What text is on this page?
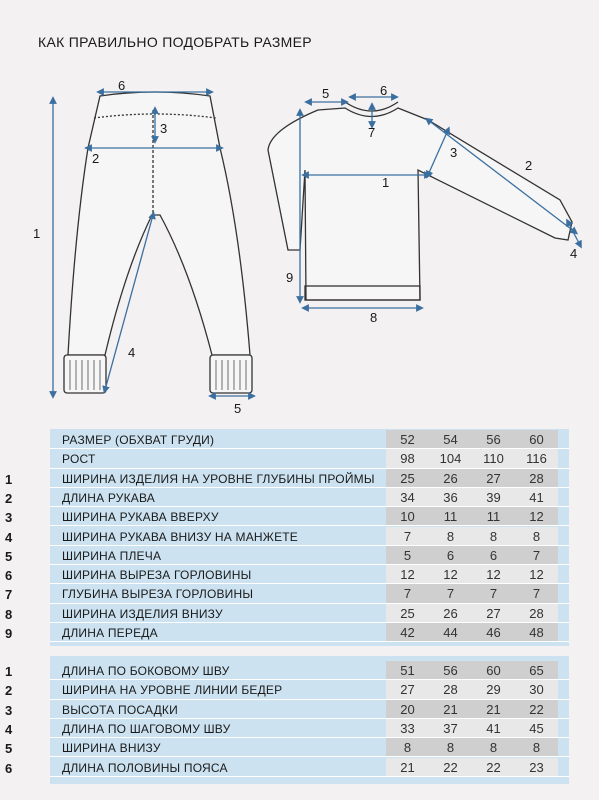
КАК ПРАВИЛЬНО ПОДОБРАТЬ РАЗМЕР
1
2
3
4
5
6
1
2
3
4
5	6
7
8
9
РАЗМЕР (ОБХВАТ ГРУДИ)	52	54	56	60
РОСТ	98	104	110	116
1	ШИРИНА ИЗДЕЛИЯ НА УРОВНЕ ГЛУБИНЫ ПРОЙМЫ	25	26	27	28
2	ДЛИНА РУКАВА	34	36	39	41
3	ШИРИНА РУКАВА ВВЕРХУ	10	11	11	12
4	ШИРИНА РУКАВА ВНИЗУ НА МАНЖЕТЕ	7	8	8	8
5	ШИРИНА ПЛЕЧА	5	6	6	7
6	ШИРИНА ВЫРЕЗА ГОРЛОВИНЫ	12	12	12	12
7	ГЛУБИНА ВЫРЕЗА ГОРЛОВИНЫ	7	7	7	7
8	ШИРИНА ИЗДЕЛИЯ ВНИЗУ	25	26	27	28
9	ДЛИНА ПЕРЕДА	42	44	46	48
1	ДЛИНА ПО БОКОВОМУ ШВУ	51	56	60	65
2	ШИРИНА НА УРОВНЕ ЛИНИИ БЕДЕР	27	28	29	30
3	ВЫСОТА ПОСАДКИ	20	21	21	22
4	ДЛИНА ПО ШАГОВОМУ ШВУ	33	37	41	45
5	ШИРИНА ВНИЗУ	8	8	8	8
6	ДЛИНА ПОЛОВИНЫ ПОЯСА	21	22	22	23
